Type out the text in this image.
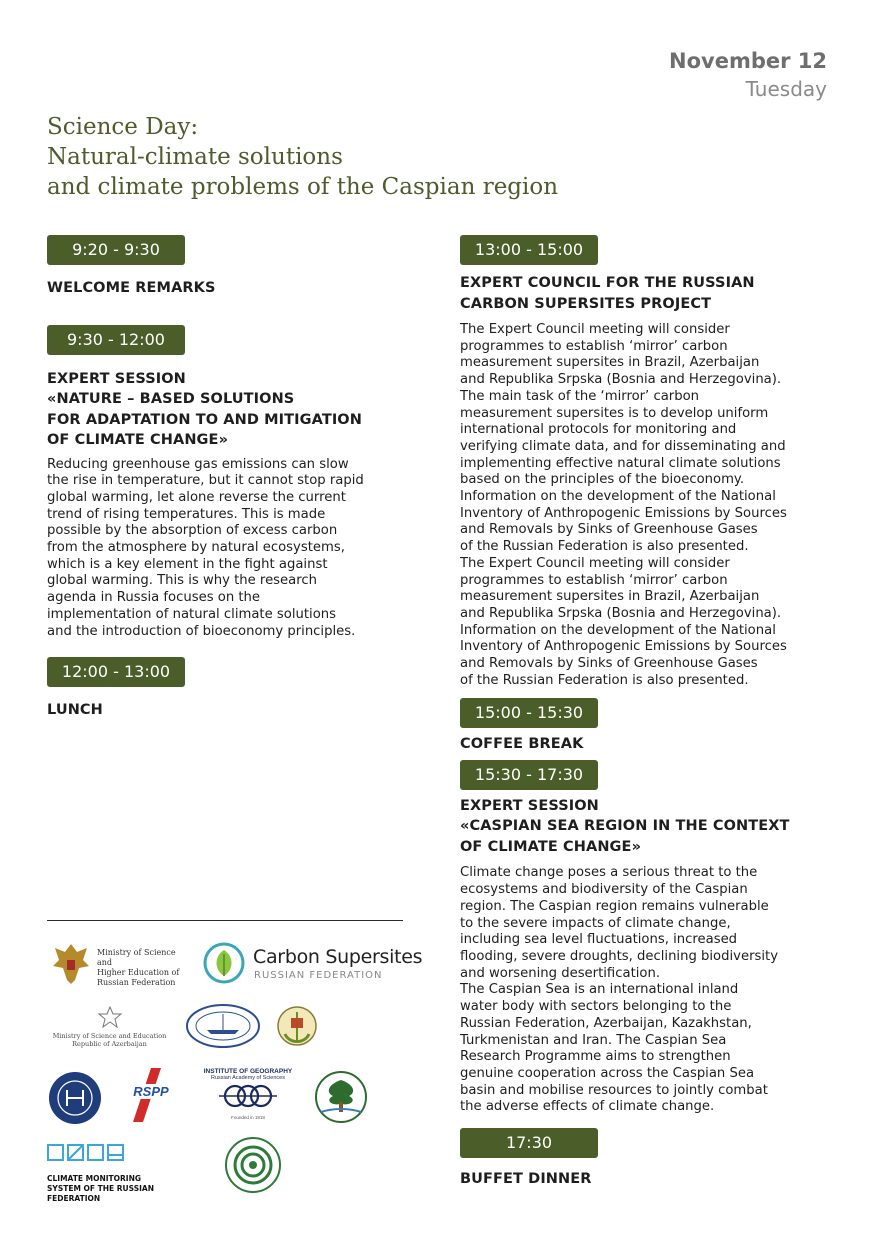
November 12
Tuesday
Science Day:
Natural-climate solutions
and climate problems of the Caspian region
9:20 - 9:30
WELCOME REMARKS
9:30 - 12:00
EXPERT SESSION
«NATURE – BASED SOLUTIONS
FOR ADAPTATION TO AND MITIGATION
OF CLIMATE CHANGE»

Reducing greenhouse gas emissions can slow

the rise in temperature, but it cannot stop rapid

global warming, let alone reverse the current

trend of rising temperatures. This is made

possible by the absorption of excess carbon

from the atmosphere by natural ecosystems,

which is a key element in the fight against

global warming. This is why the research

agenda in Russia focuses on the

implementation of natural climate solutions

and the introduction of bioeconomy principles.

12:00 - 13:00
LUNCH
13:00 - 15:00
EXPERT COUNCIL FOR THE RUSSIAN
CARBON SUPERSITES PROJECT

The Expert Council meeting will consider

programmes to establish ‘mirror’ carbon

measurement supersites in Brazil, Azerbaijan

and Republika Srpska (Bosnia and Herzegovina).

The main task of the ‘mirror’ carbon

measurement supersites is to develop uniform

international protocols for monitoring and

verifying climate data, and for disseminating and

implementing effective natural climate solutions

based on the principles of the bioeconomy.

Information on the development of the National

Inventory of Anthropogenic Emissions by Sources

and Removals by Sinks of Greenhouse Gases

of the Russian Federation is also presented.

The Expert Council meeting will consider

programmes to establish ‘mirror’ carbon

measurement supersites in Brazil, Azerbaijan

and Republika Srpska (Bosnia and Herzegovina).

Information on the development of the National

Inventory of Anthropogenic Emissions by Sources

and Removals by Sinks of Greenhouse Gases

of the Russian Federation is also presented.

15:00 - 15:30
COFFEE BREAK
15:30 - 17:30
EXPERT SESSION
«CASPIAN SEA REGION IN THE CONTEXT
OF CLIMATE CHANGE»

Climate change poses a serious threat to the

ecosystems and biodiversity of the Caspian

region. The Caspian region remains vulnerable

to the severe impacts of climate change,

including sea level fluctuations, increased

flooding, severe droughts, declining biodiversity

and worsening desertification.

The Caspian Sea is an international inland

water body with sectors belonging to the

Russian Federation, Azerbaijan, Kazakhstan,

Turkmenistan and Iran. The Caspian Sea

Research Programme aims to strengthen

genuine cooperation across the Caspian Sea

basin and mobilise resources to jointly combat

the adverse effects of climate change.

17:30
BUFFET DINNER
Ministry of Science and
Higher Education of
Russian Federation
Carbon Supersites
RUSSIAN FEDERATION
Ministry of Science and Education
Republic of Azerbaijan
RSPP
INSTITUTE OF GEOGRAPHY
Russian Academy of Sciences
Founded in 1918
CLIMATE MONITORING
SYSTEM OF THE RUSSIAN FEDERATION
